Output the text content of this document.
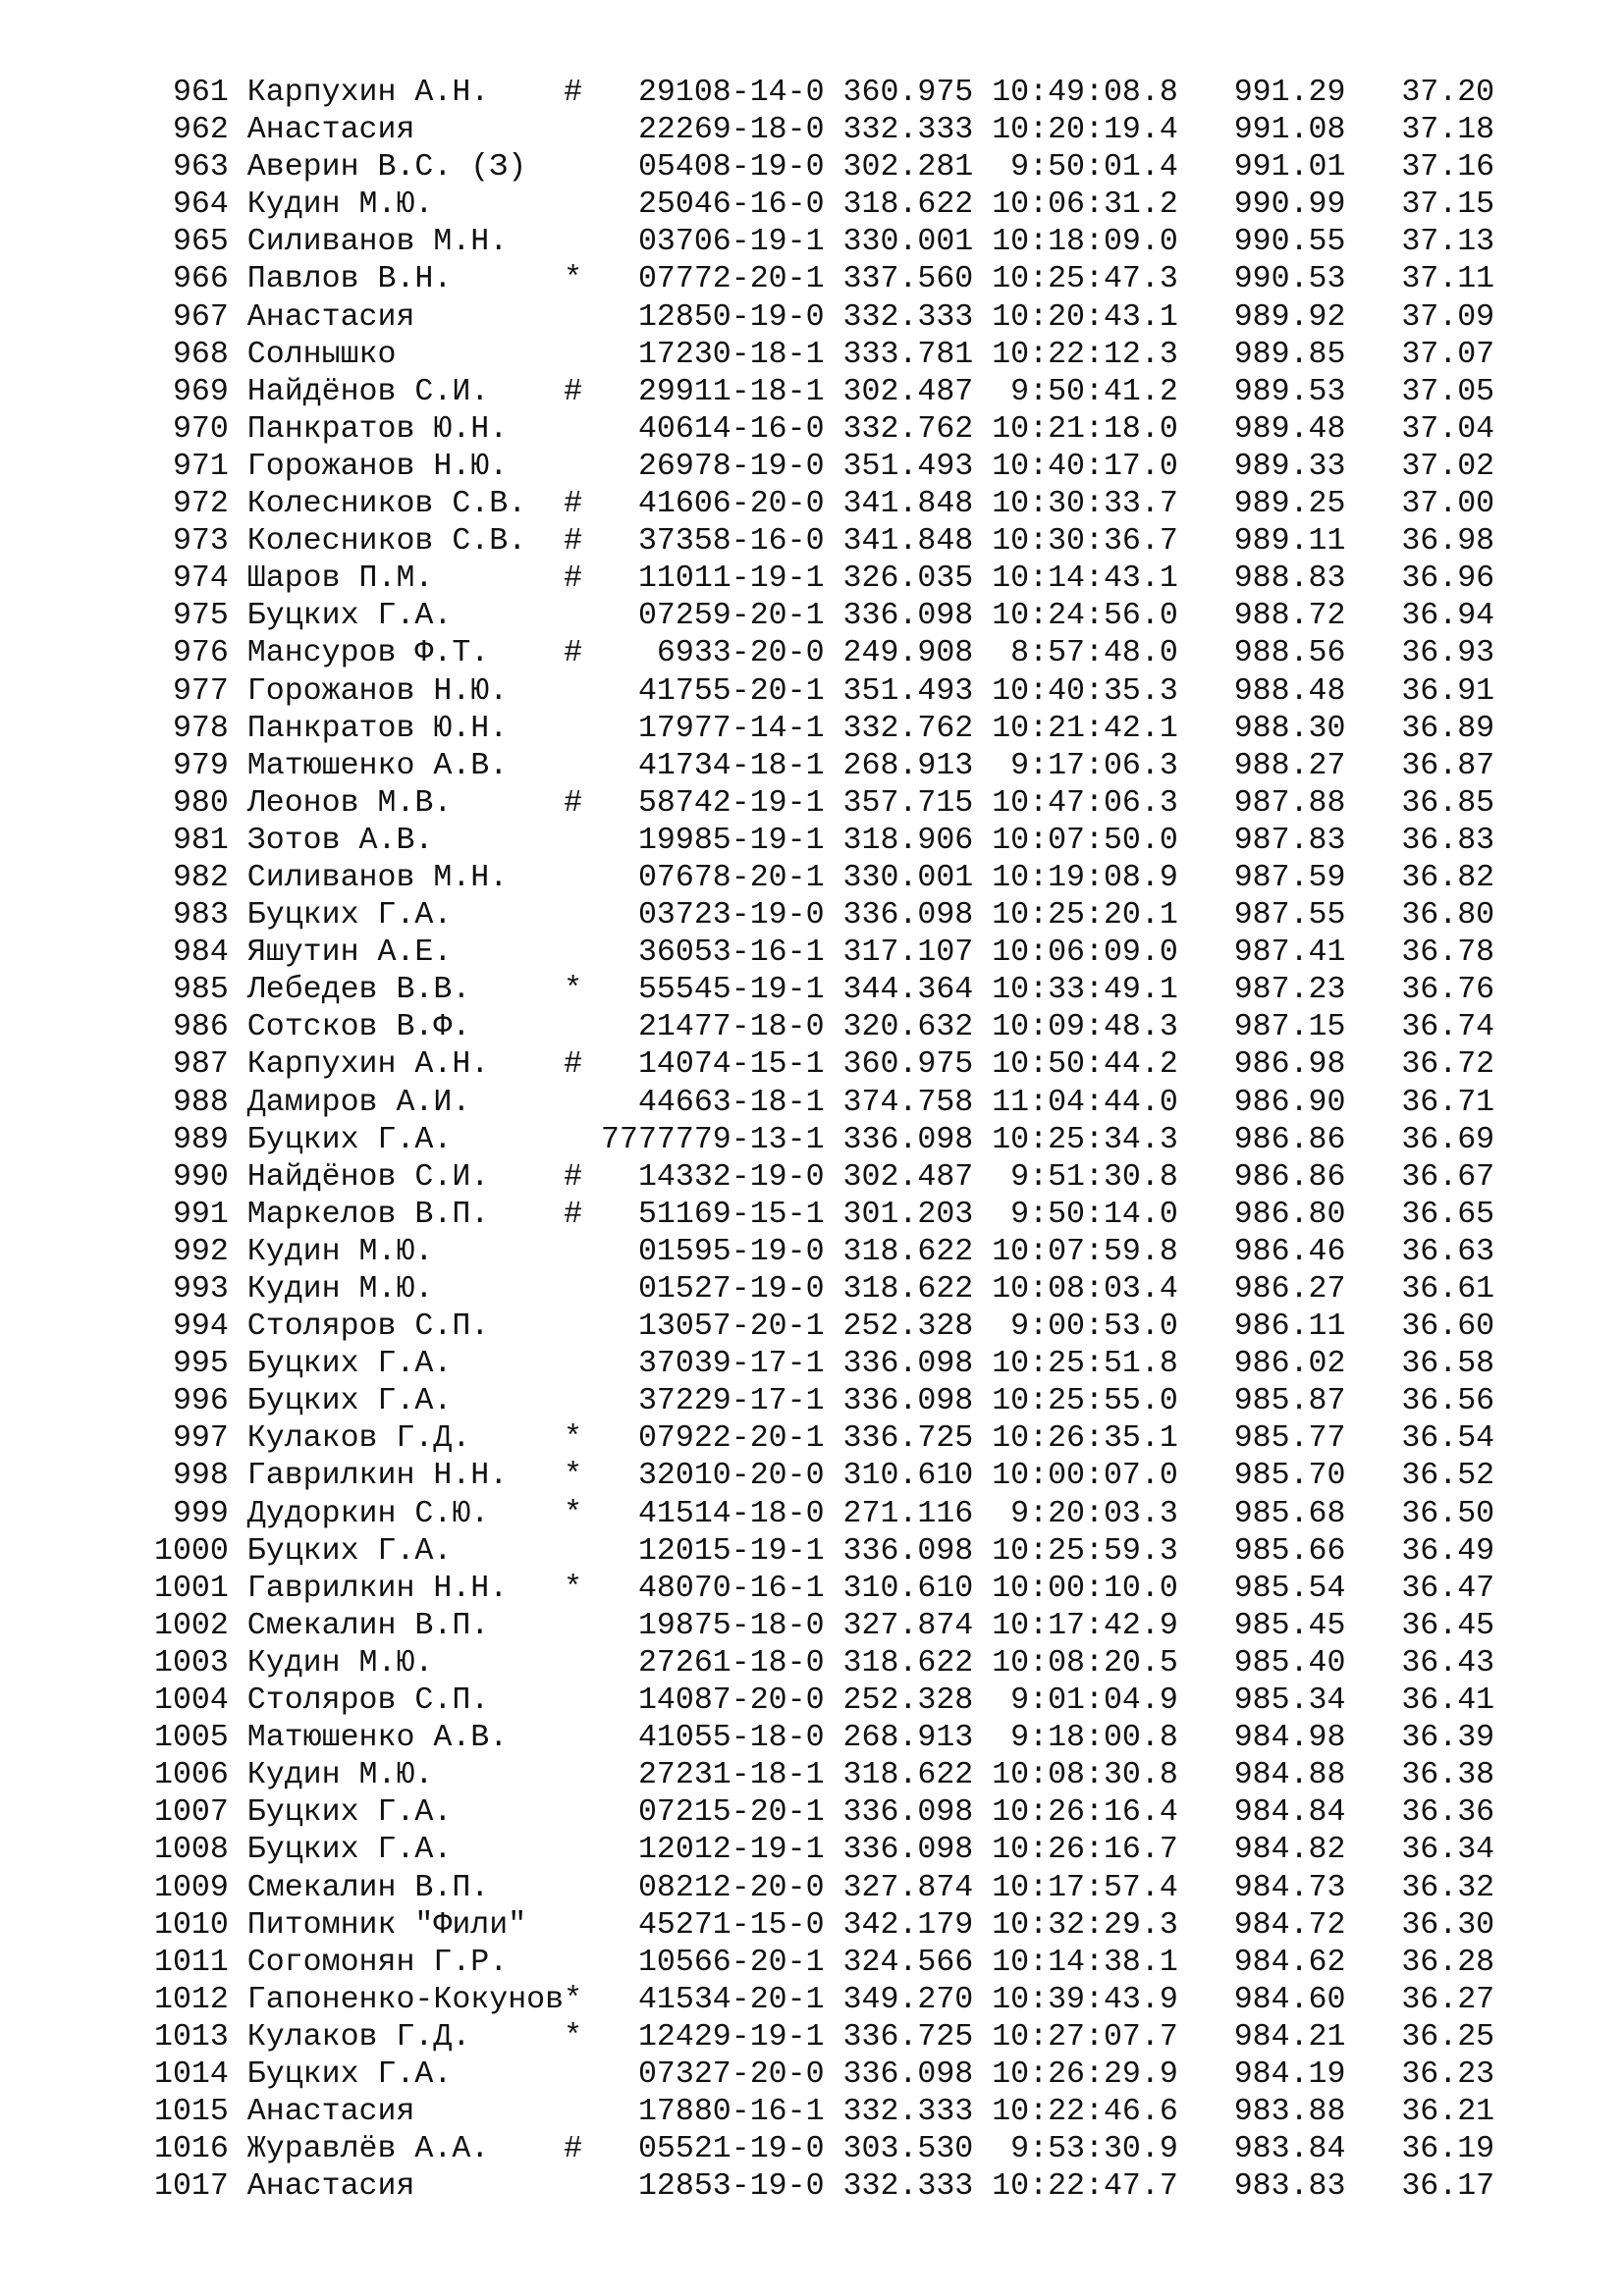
961 Карпухин А.Н.    #   29108-14-0 360.975 10:49:08.8   991.29   37.20
962 Анастасия            22269-18-0 332.333 10:20:19.4   991.08   37.18
963 Аверин В.С. (З)      05408-19-0 302.281  9:50:01.4   991.01   37.16
964 Кудин М.Ю.           25046-16-0 318.622 10:06:31.2   990.99   37.15
965 Силиванов М.Н.       03706-19-1 330.001 10:18:09.0   990.55   37.13
966 Павлов В.Н.      *   07772-20-1 337.560 10:25:47.3   990.53   37.11
967 Анастасия            12850-19-0 332.333 10:20:43.1   989.92   37.09
968 Солнышко             17230-18-1 333.781 10:22:12.3   989.85   37.07
969 Найдёнов С.И.    #   29911-18-1 302.487  9:50:41.2   989.53   37.05
970 Панкратов Ю.Н.       40614-16-0 332.762 10:21:18.0   989.48   37.04
971 Горожанов Н.Ю.       26978-19-0 351.493 10:40:17.0   989.33   37.02
972 Колесников С.В.  #   41606-20-0 341.848 10:30:33.7   989.25   37.00
973 Колесников С.В.  #   37358-16-0 341.848 10:30:36.7   989.11   36.98
974 Шаров П.М.       #   11011-19-1 326.035 10:14:43.1   988.83   36.96
975 Буцких Г.А.          07259-20-1 336.098 10:24:56.0   988.72   36.94
976 Мансуров Ф.Т.    #    6933-20-0 249.908  8:57:48.0   988.56   36.93
977 Горожанов Н.Ю.       41755-20-1 351.493 10:40:35.3   988.48   36.91
978 Панкратов Ю.Н.       17977-14-1 332.762 10:21:42.1   988.30   36.89
979 Матюшенко А.В.       41734-18-1 268.913  9:17:06.3   988.27   36.87
980 Леонов М.В.      #   58742-19-1 357.715 10:47:06.3   987.88   36.85
981 Зотов А.В.           19985-19-1 318.906 10:07:50.0   987.83   36.83
982 Силиванов М.Н.       07678-20-1 330.001 10:19:08.9   987.59   36.82
983 Буцких Г.А.          03723-19-0 336.098 10:25:20.1   987.55   36.80
984 Яшутин А.Е.          36053-16-1 317.107 10:06:09.0   987.41   36.78
985 Лебедев В.В.     *   55545-19-1 344.364 10:33:49.1   987.23   36.76
986 Сотсков В.Ф.         21477-18-0 320.632 10:09:48.3   987.15   36.74
987 Карпухин А.Н.    #   14074-15-1 360.975 10:50:44.2   986.98   36.72
988 Дамиров А.И.         44663-18-1 374.758 11:04:44.0   986.90   36.71
989 Буцких Г.А.        7777779-13-1 336.098 10:25:34.3   986.86   36.69
990 Найдёнов С.И.    #   14332-19-0 302.487  9:51:30.8   986.86   36.67
991 Маркелов В.П.    #   51169-15-1 301.203  9:50:14.0   986.80   36.65
992 Кудин М.Ю.           01595-19-0 318.622 10:07:59.8   986.46   36.63
993 Кудин М.Ю.           01527-19-0 318.622 10:08:03.4   986.27   36.61
994 Столяров С.П.        13057-20-1 252.328  9:00:53.0   986.11   36.60
995 Буцких Г.А.          37039-17-1 336.098 10:25:51.8   986.02   36.58
996 Буцких Г.А.          37229-17-1 336.098 10:25:55.0   985.87   36.56
997 Кулаков Г.Д.     *   07922-20-1 336.725 10:26:35.1   985.77   36.54
998 Гаврилкин Н.Н.   *   32010-20-0 310.610 10:00:07.0   985.70   36.52
999 Дудоркин С.Ю.    *   41514-18-0 271.116  9:20:03.3   985.68   36.50
1000 Буцких Г.А.          12015-19-1 336.098 10:25:59.3   985.66   36.49
1001 Гаврилкин Н.Н.   *   48070-16-1 310.610 10:00:10.0   985.54   36.47
1002 Смекалин В.П.        19875-18-0 327.874 10:17:42.9   985.45   36.45
1003 Кудин М.Ю.           27261-18-0 318.622 10:08:20.5   985.40   36.43
1004 Столяров С.П.        14087-20-0 252.328  9:01:04.9   985.34   36.41
1005 Матюшенко А.В.       41055-18-0 268.913  9:18:00.8   984.98   36.39
1006 Кудин М.Ю.           27231-18-1 318.622 10:08:30.8   984.88   36.38
1007 Буцких Г.А.          07215-20-1 336.098 10:26:16.4   984.84   36.36
1008 Буцких Г.А.          12012-19-1 336.098 10:26:16.7   984.82   36.34
1009 Смекалин В.П.        08212-20-0 327.874 10:17:57.4   984.73   36.32
1010 Питомник "Фили"      45271-15-0 342.179 10:32:29.3   984.72   36.30
1011 Согомонян Г.Р.       10566-20-1 324.566 10:14:38.1   984.62   36.28
1012 Гапоненко-Кокунов*   41534-20-1 349.270 10:39:43.9   984.60   36.27
1013 Кулаков Г.Д.     *   12429-19-1 336.725 10:27:07.7   984.21   36.25
1014 Буцких Г.А.          07327-20-0 336.098 10:26:29.9   984.19   36.23
1015 Анастасия            17880-16-1 332.333 10:22:46.6   983.88   36.21
1016 Журавлёв А.А.    #   05521-19-0 303.530  9:53:30.9   983.84   36.19
1017 Анастасия            12853-19-0 332.333 10:22:47.7   983.83   36.17
